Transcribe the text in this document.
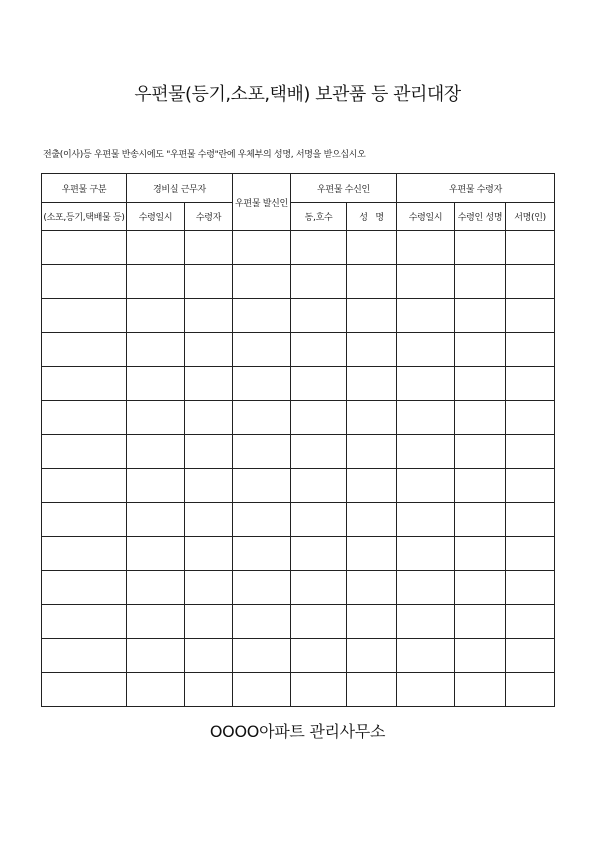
우편물(등기,소포,택배) 보관품 등 관리대장
전출(이사)등 우편물 반송시에도 "우편물 수령"란에 우체부의 성명, 서명을 받으십시오
우편물 구분	경비실 근무자		우편물 발신인	우편물 수신인		우편물 수령자		
(소포,등기,택배물 등)	수령일시	수령자		동,호수	성   명	수령일시	수령인 성명	서명(인)

OOOO아파트 관리사무소
